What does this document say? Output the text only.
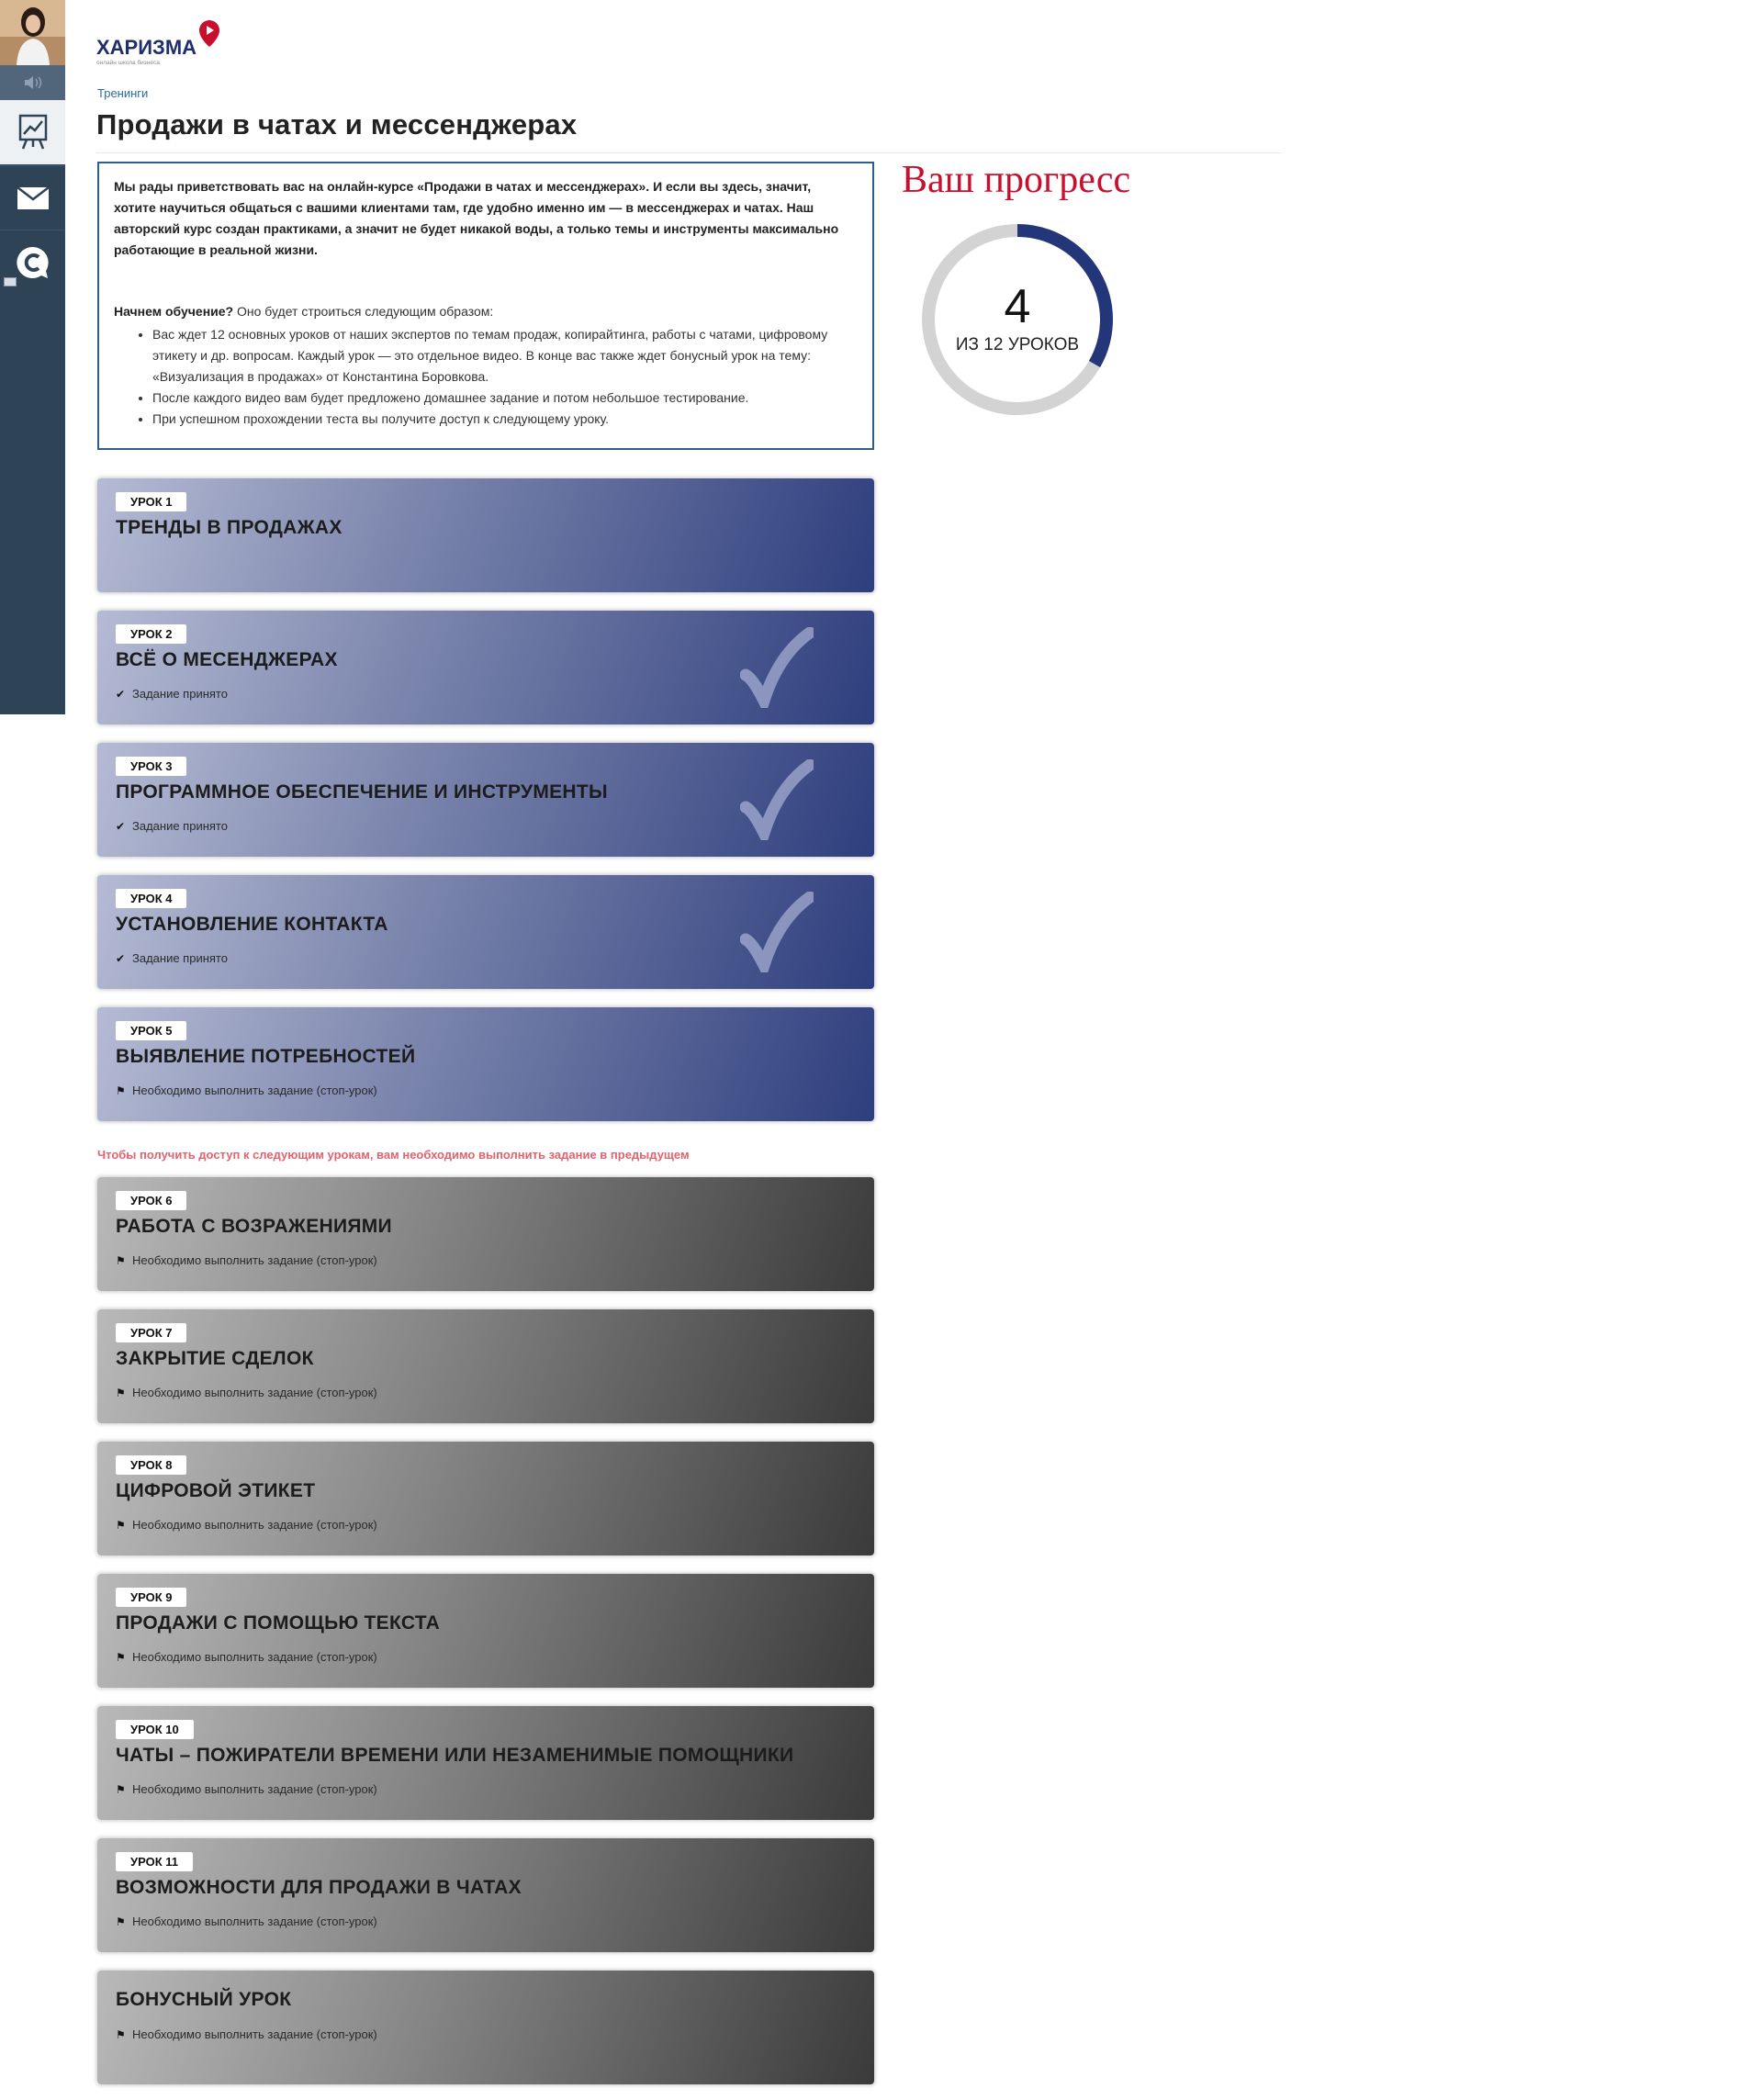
ХАРИЗМА
онлайн школа бизнеса
Тренинги
Продажи в чатах и мессенджерах

Мы рады приветствовать вас на онлайн-курсе «Продажи в чатах и мессенджерах». И если вы здесь, значит, хотите научиться общаться с вашими клиентами там, где удобно именно им — в мессенджерах и чатах. Наш авторский курс создан практиками, а значит не будет никакой воды, а только темы и инструменты максимально работающие в реальной жизни.

Начнем обучение? Оно будет строиться следующим образом:

• Вас ждет 12 основных уроков от наших экспертов по темам продаж, копирайтинга, работы с чатами, цифровому этикету и др. вопросам. Каждый урок — это отдельное видео. В конце вас также ждет бонусный урок на тему: «Визуализация в продажах» от Константина Боровкова.
• После каждого видео вам будет предложено домашнее задание и потом небольшое тестирование.
• При успешном прохождении теста вы получите доступ к следующему уроку.
Ваш прогресс
4
ИЗ 12 УРОКОВ
УРОК 1
ТРЕНДЫ В ПРОДАЖАХ
УРОК 2
ВСЁ О МЕСЕНДЖЕРАХ
✔ Задание принято
УРОК 3
ПРОГРАММНОЕ ОБЕСПЕЧЕНИЕ И ИНСТРУМЕНТЫ
✔ Задание принято
УРОК 4
УСТАНОВЛЕНИЕ КОНТАКТА
✔ Задание принято
УРОК 5
ВЫЯВЛЕНИЕ ПОТРЕБНОСТЕЙ
⚑ Необходимо выполнить задание (стоп-урок)
УРОК 6
РАБОТА С ВОЗРАЖЕНИЯМИ
⚑ Необходимо выполнить задание (стоп-урок)
УРОК 7
ЗАКРЫТИЕ СДЕЛОК
⚑ Необходимо выполнить задание (стоп-урок)
УРОК 8
ЦИФРОВОЙ ЭТИКЕТ
⚑ Необходимо выполнить задание (стоп-урок)
УРОК 9
ПРОДАЖИ С ПОМОЩЬЮ ТЕКСТА
⚑ Необходимо выполнить задание (стоп-урок)
УРОК 10
ЧАТЫ – ПОЖИРАТЕЛИ ВРЕМЕНИ ИЛИ НЕЗАМЕНИМЫЕ ПОМОЩНИКИ
⚑ Необходимо выполнить задание (стоп-урок)
УРОК 11
ВОЗМОЖНОСТИ ДЛЯ ПРОДАЖИ В ЧАТАХ
⚑ Необходимо выполнить задание (стоп-урок)
БОНУСНЫЙ УРОК
⚑ Необходимо выполнить задание (стоп-урок)
Чтобы получить доступ к следующим урокам, вам необходимо выполнить задание в предыдущем
